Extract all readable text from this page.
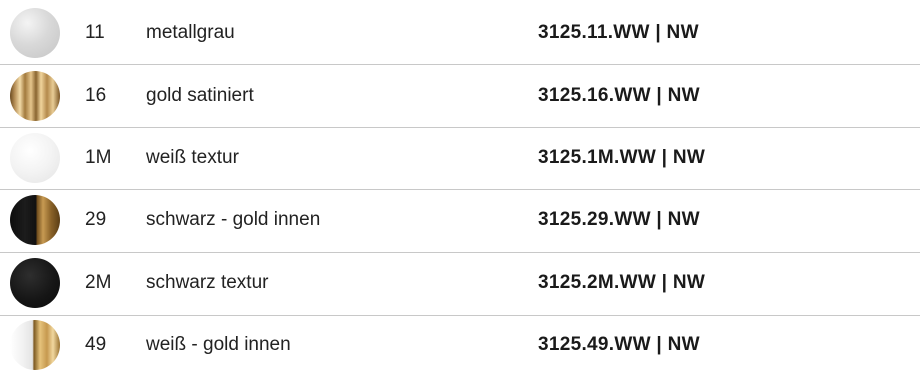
11 metallgrau	3125.11.WW | NW
16 gold satiniert	3125.16.WW | NW
1M weiß textur	3125.1M.WW | NW
29 schwarz - gold innen	3125.29.WW | NW
2M schwarz textur	3125.2M.WW | NW
49 weiß - gold innen	3125.49.WW | NW
